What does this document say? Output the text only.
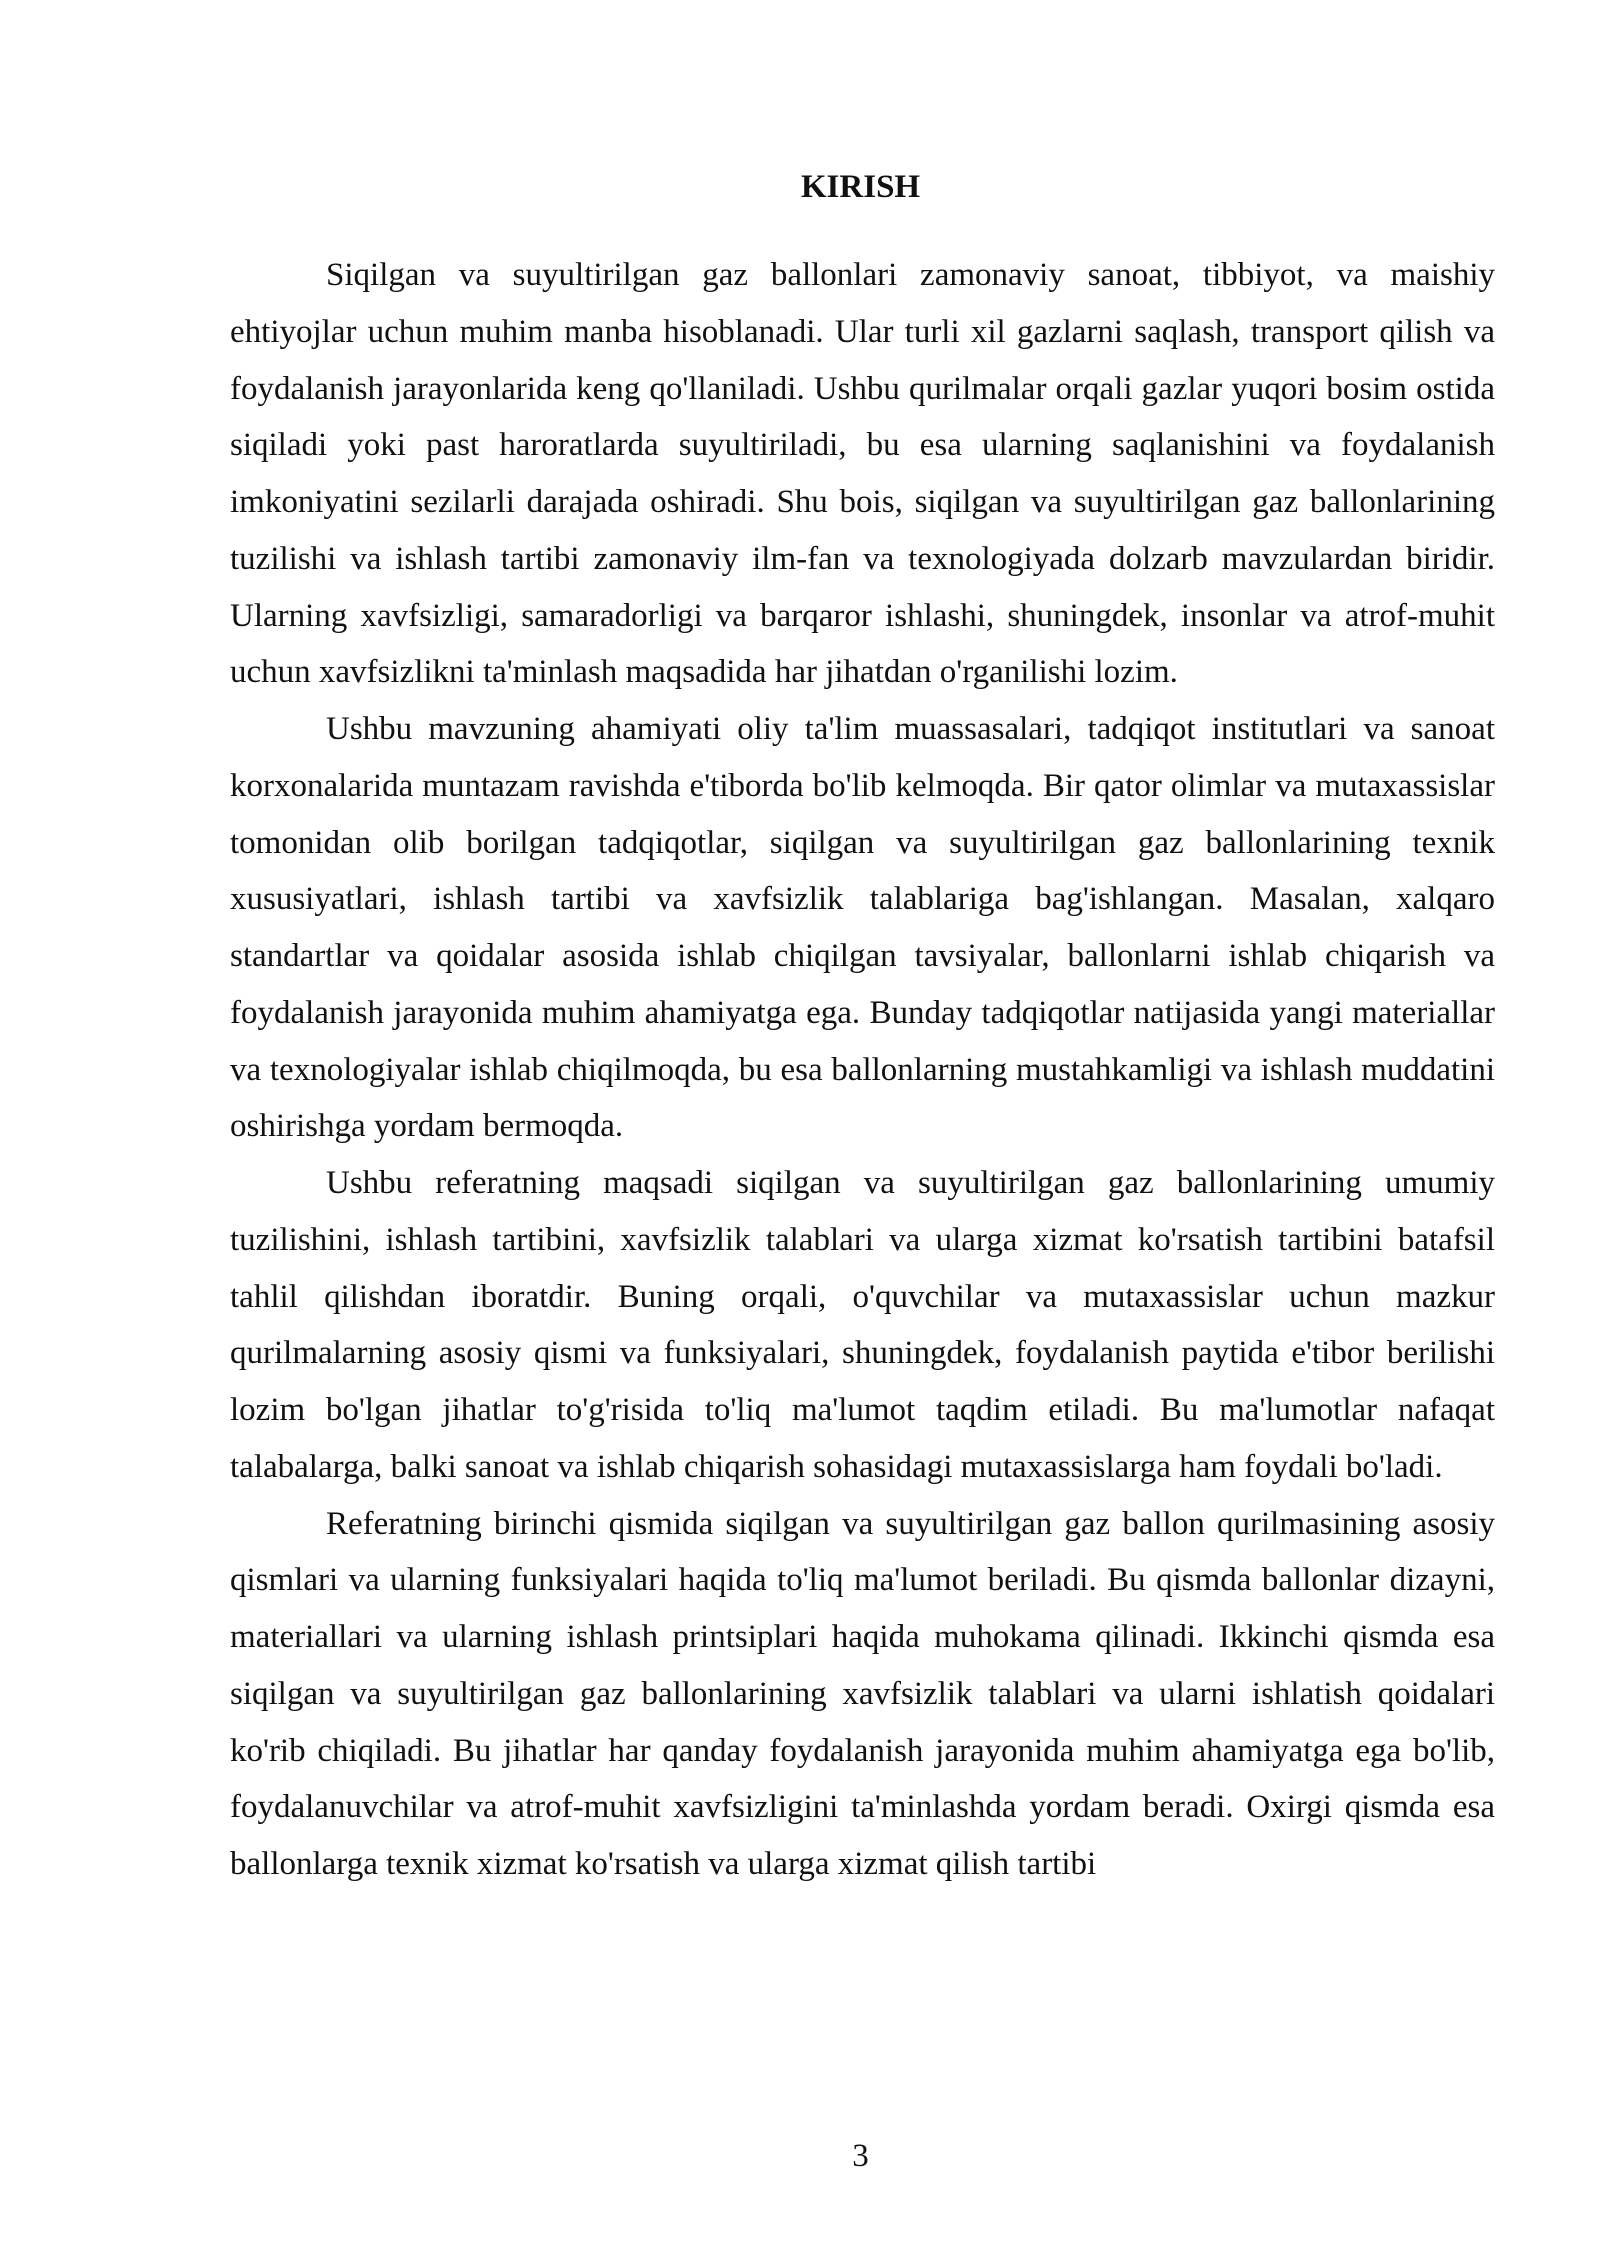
KIRISH

Siqilgan va suyultirilgan gaz ballonlari zamonaviy sanoat, tibbiyot, va maishiy ehtiyojlar uchun muhim manba hisoblanadi. Ular turli xil gazlarni saqlash, transport qilish va foydalanish jarayonlarida keng qo'llaniladi. Ushbu qurilmalar orqali gazlar yuqori bosim ostida siqiladi yoki past haroratlarda suyultiriladi, bu esa ularning saqlanishini va foydalanish imkoniyatini sezilarli darajada oshiradi. Shu bois, siqilgan va suyultirilgan gaz ballonlarining tuzilishi va ishlash tartibi zamonaviy ilm-fan va texnologiyada dolzarb mavzulardan biridir. Ularning xavfsizligi, samaradorligi va barqaror ishlashi, shuningdek, insonlar va atrof-muhit uchun xavfsizlikni ta'minlash maqsadida har jihatdan o'rganilishi lozim.

Ushbu mavzuning ahamiyati oliy ta'lim muassasalari, tadqiqot institutlari va sanoat korxonalarida muntazam ravishda e'tiborda bo'lib kelmoqda. Bir qator olimlar va mutaxassislar tomonidan olib borilgan tadqiqotlar, siqilgan va suyultirilgan gaz ballonlarining texnik xususiyatlari, ishlash tartibi va xavfsizlik talablariga bag'ishlangan. Masalan, xalqaro standartlar va qoidalar asosida ishlab chiqilgan tavsiyalar, ballonlarni ishlab chiqarish va foydalanish jarayonida muhim ahamiyatga ega. Bunday tadqiqotlar natijasida yangi materiallar va texnologiyalar ishlab chiqilmoqda, bu esa ballonlarning mustahkamligi va ishlash muddatini oshirishga yordam bermoqda.

Ushbu referatning maqsadi siqilgan va suyultirilgan gaz ballonlarining umumiy tuzilishini, ishlash tartibini, xavfsizlik talablari va ularga xizmat ko'rsatish tartibini batafsil tahlil qilishdan iboratdir. Buning orqali, o'quvchilar va mutaxassislar uchun mazkur qurilmalarning asosiy qismi va funksiyalari, shuningdek, foydalanish paytida e'tibor berilishi lozim bo'lgan jihatlar to'g'risida to'liq ma'lumot taqdim etiladi. Bu ma'lumotlar nafaqat talabalarga, balki sanoat va ishlab chiqarish sohasidagi mutaxassislarga ham foydali bo'ladi.

Referatning birinchi qismida siqilgan va suyultirilgan gaz ballon qurilmasining asosiy qismlari va ularning funksiyalari haqida to'liq ma'lumot beriladi. Bu qismda ballonlar dizayni, materiallari va ularning ishlash printsiplari haqida muhokama qilinadi. Ikkinchi qismda esa siqilgan va suyultirilgan gaz ballonlarining xavfsizlik talablari va ularni ishlatish qoidalari ko'rib chiqiladi. Bu jihatlar har qanday foydalanish jarayonida muhim ahamiyatga ega bo'lib, foydalanuvchilar va atrof-muhit xavfsizligini ta'minlashda yordam beradi. Oxirgi qismda esa ballonlarga texnik xizmat ko'rsatish va ularga xizmat qilish tartibi

3
